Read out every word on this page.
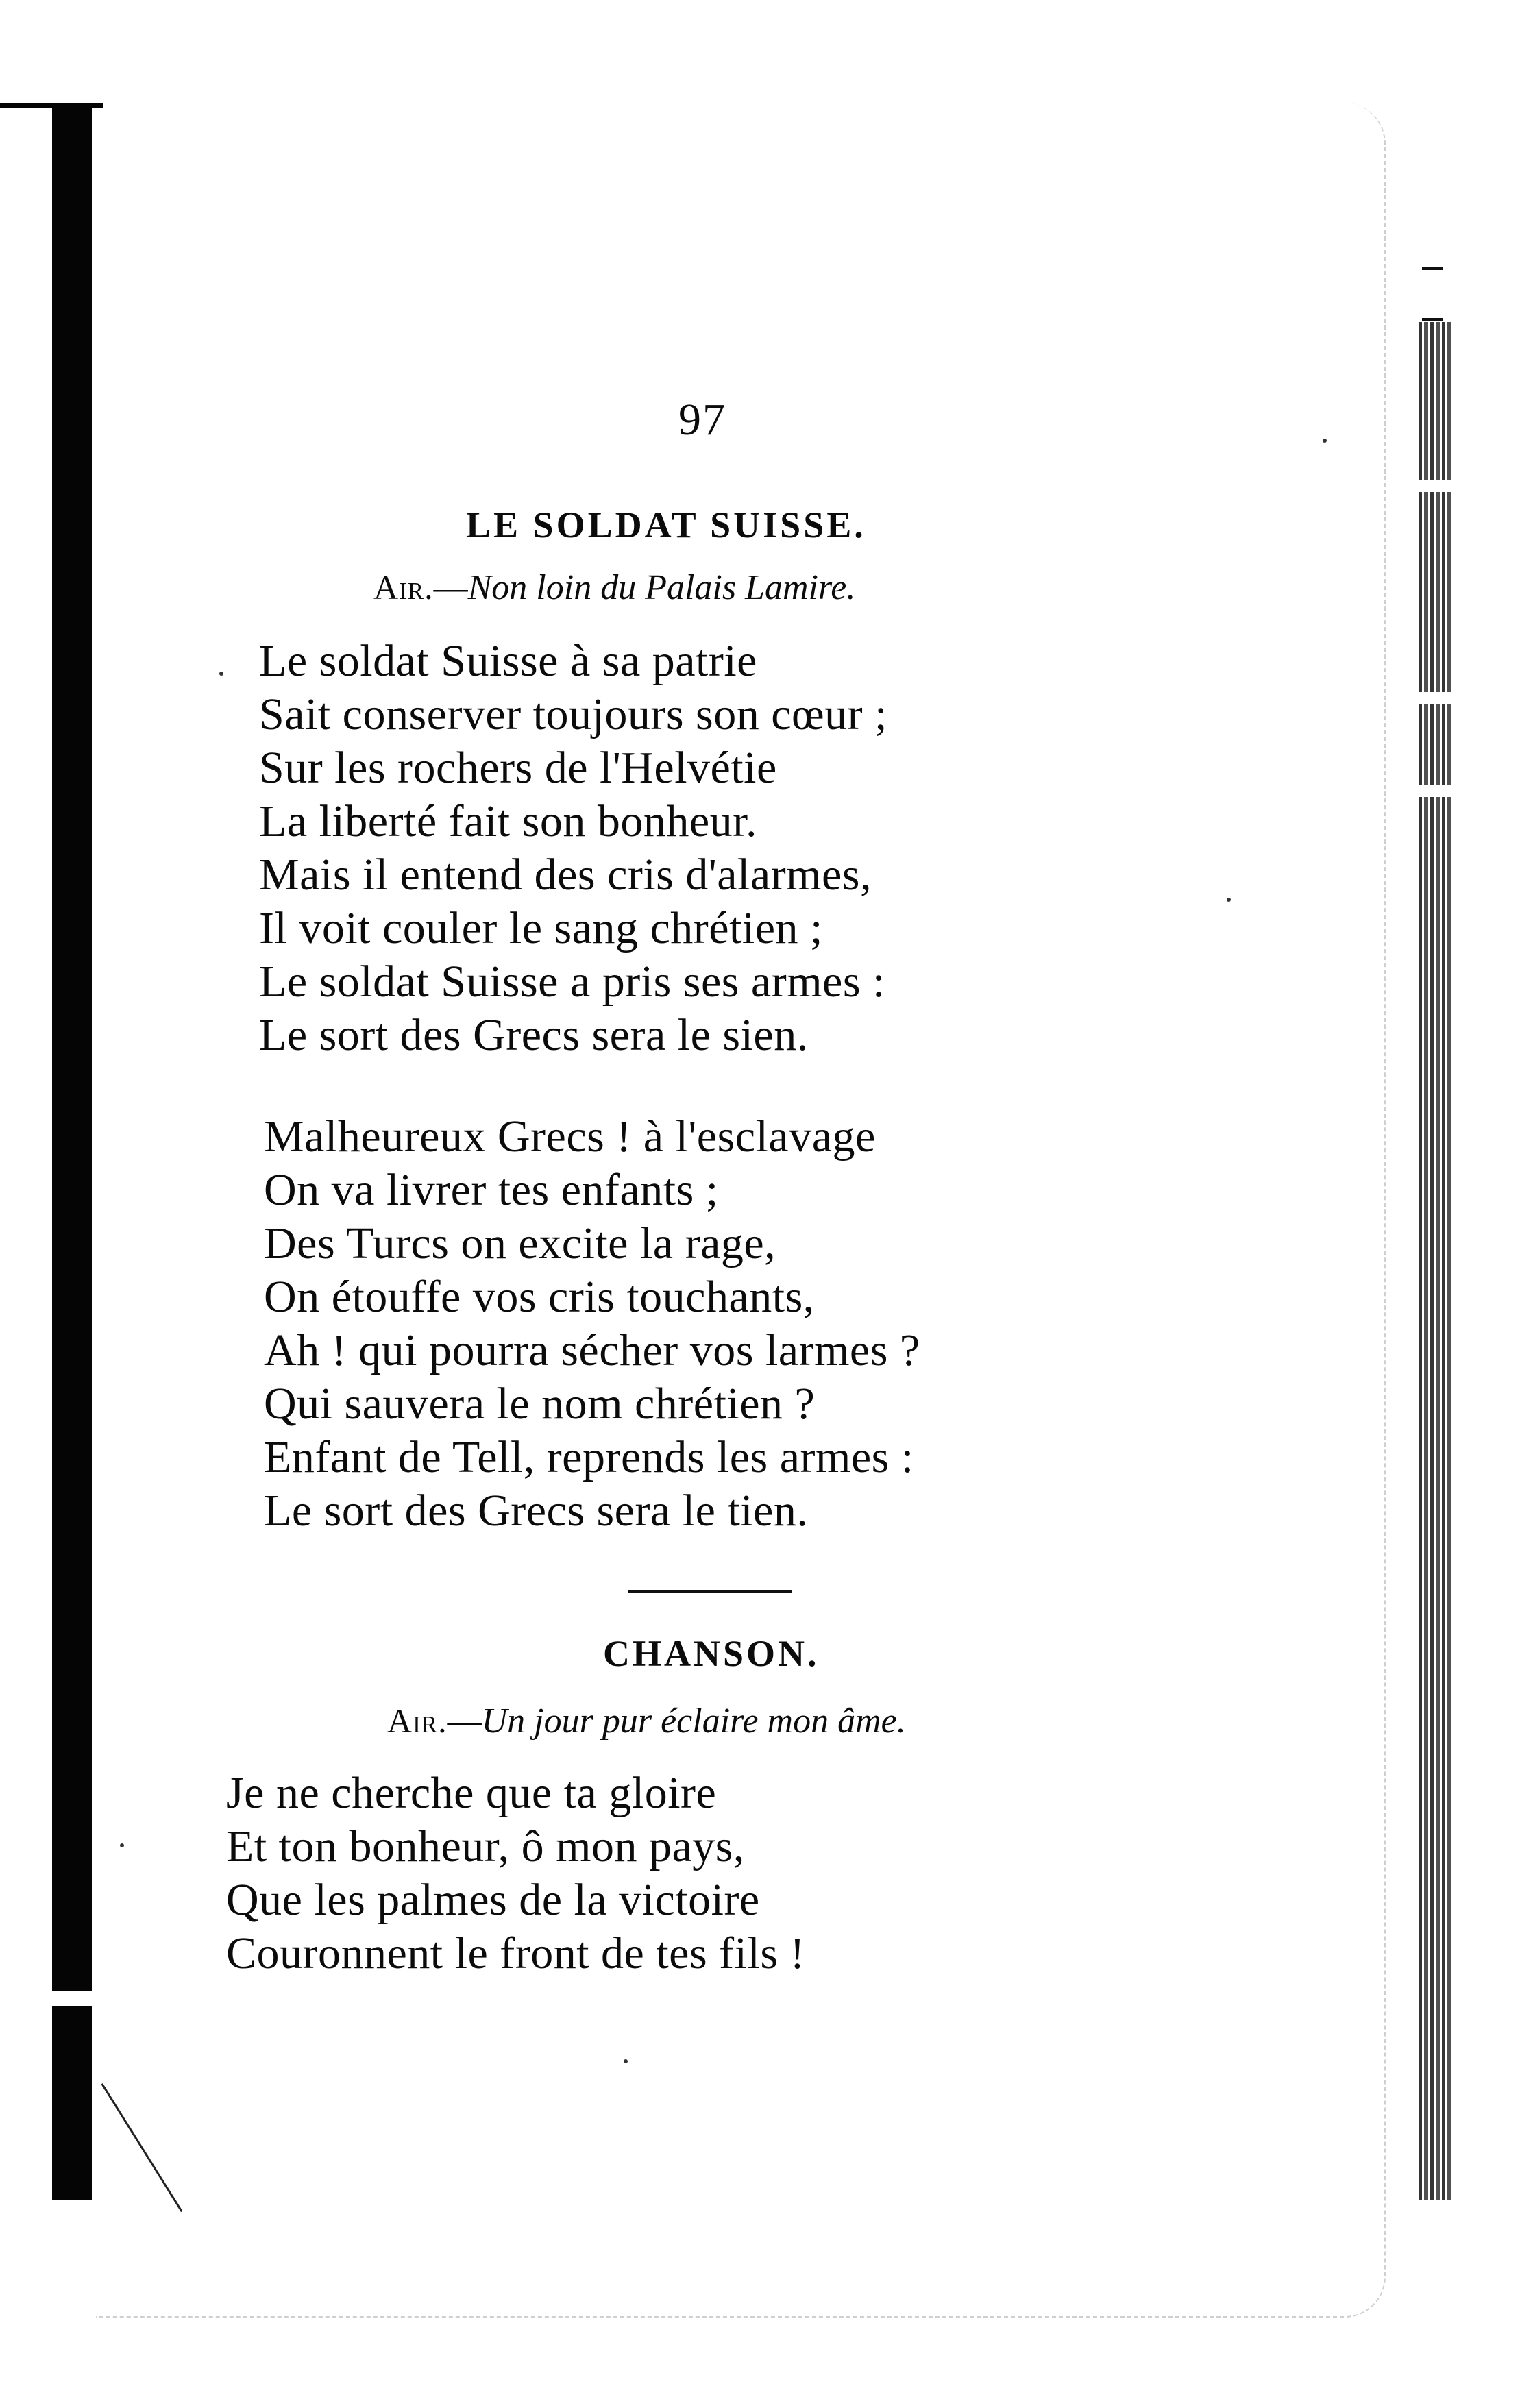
97
LE SOLDAT SUISSE.
Air.—Non loin du Palais Lamire.
Le soldat Suisse à sa patrie
Sait conserver toujours son cœur ;
Sur les rochers de l'Helvétie
La liberté fait son bonheur.
Mais il entend des cris d'alarmes,
Il voit couler le sang chrétien ;
Le soldat Suisse a pris ses armes :
Le sort des Grecs sera le sien.
Malheureux Grecs ! à l'esclavage
On va livrer tes enfants ;
Des Turcs on excite la rage,
On étouffe vos cris touchants,
Ah ! qui pourra sécher vos larmes ?
Qui sauvera le nom chrétien ?
Enfant de Tell, reprends les armes :
Le sort des Grecs sera le tien.
CHANSON.
Air.—Un jour pur éclaire mon âme.
Je ne cherche que ta gloire
Et ton bonheur, ô mon pays,
Que les palmes de la victoire
Couronnent le front de tes fils !
